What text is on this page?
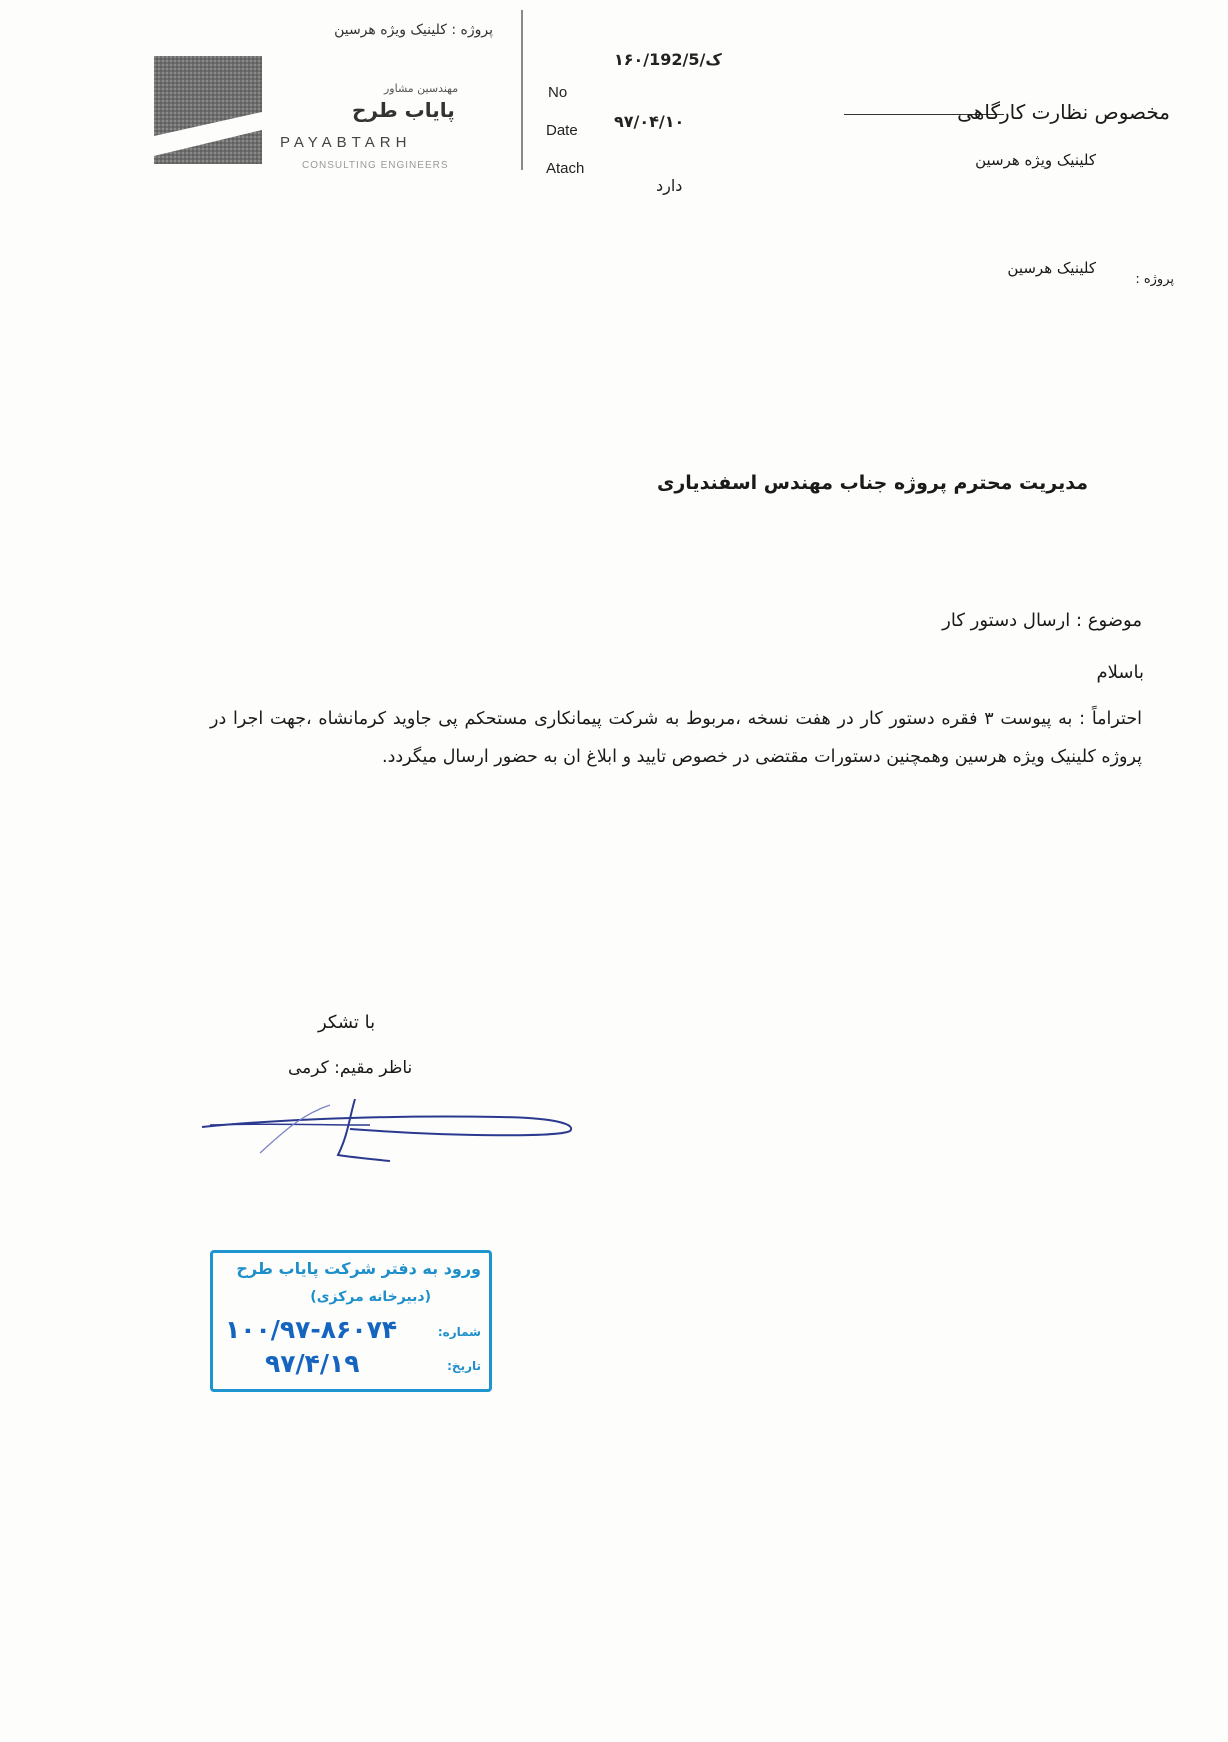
پروژه : کلینیک ویژه هرسین
مهندسین مشاور
پایاب طرح
PAYABTARH
CONSULTING ENGINEERS
No
Date
Atach
۱۶۰/ک/192/5
۹۷/۰۴/۱۰
دارد
مخصوص نظارت کارگاهی
کلینیک ویژه هرسین
پروژه :
کلینیک هرسین
مدیریت محترم پروژه جناب مهندس اسفندیاری
موضوع : ارسال دستور کار
باسلام
احتراماً : به پیوست ۳ فقره دستور کار در هفت نسخه ،مربوط به شرکت پیمانکاری مستحکم پی جاوید کرمانشاه ،جهت اجرا در پروژه کلینیک ویژه هرسین وهمچنین دستورات مقتضی در خصوص تایید و ابلاغ ان به حضور ارسال میگردد.
با تشکر
ناظر مقیم: کرمی
ورود به دفتر شرکت پایاب طرح
(دبیرخانه مرکزی)
شماره:
۱۰۰/۹۷-۸۶۰۷۴
تاریخ:
۹۷/۴/۱۹
